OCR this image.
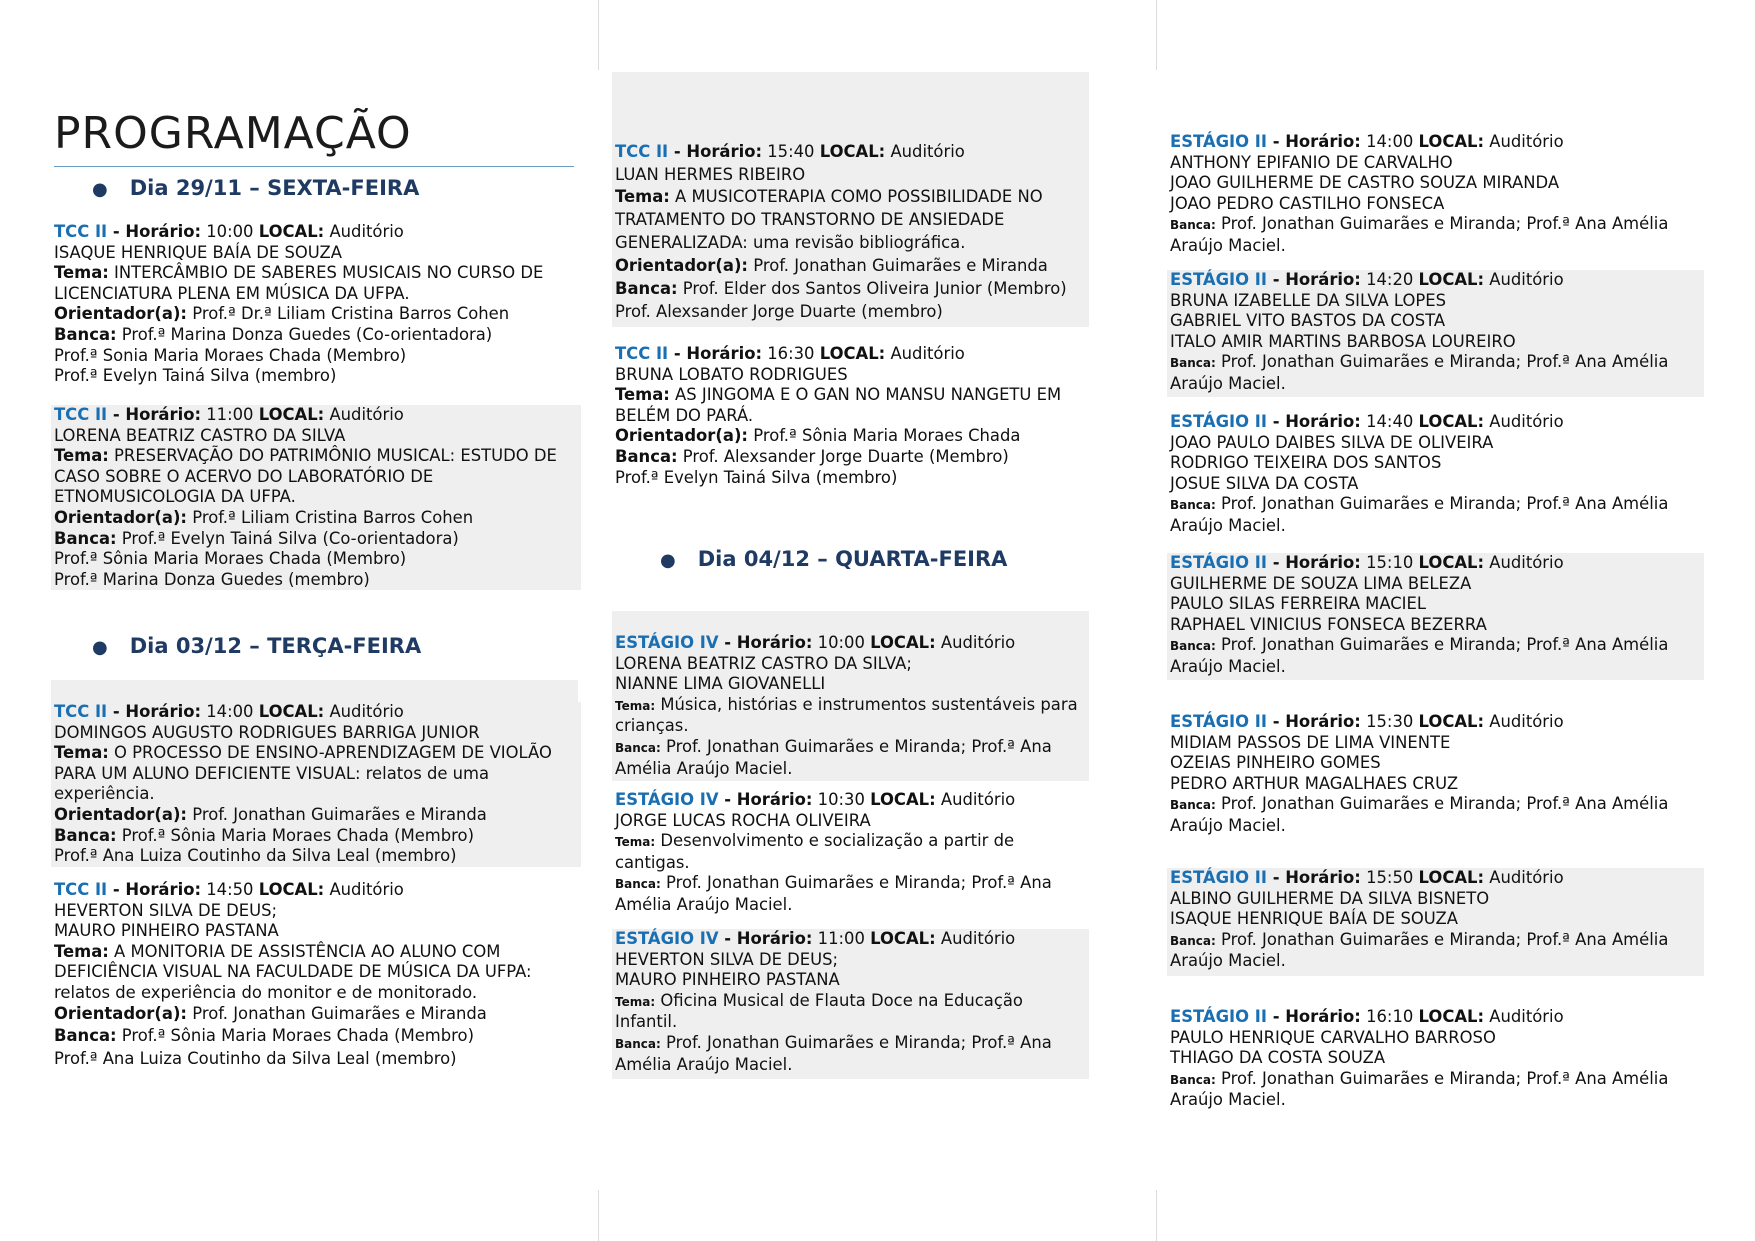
PROGRAMAÇÃO
● Dia 29/11 – SEXTA-FEIRA
TCC II - Horário: 10:00 LOCAL: Auditório
ISAQUE HENRIQUE BAÍA DE SOUZA
Tema: INTERCÂMBIO DE SABERES MUSICAIS NO CURSO DE LICENCIATURA PLENA EM MÚSICA DA UFPA.
Orientador(a): Prof.ª Dr.ª Liliam Cristina Barros Cohen
Banca: Prof.ª Marina Donza Guedes (Co-orientadora)
Prof.ª Sonia Maria Moraes Chada (Membro)
Prof.ª Evelyn Tainá Silva (membro)
TCC II - Horário: 11:00 LOCAL: Auditório
LORENA BEATRIZ CASTRO DA SILVA
Tema: PRESERVAÇÃO DO PATRIMÔNIO MUSICAL: ESTUDO DE CASO SOBRE O ACERVO DO LABORATÓRIO DE ETNOMUSICOLOGIA DA UFPA.
Orientador(a): Prof.ª Liliam Cristina Barros Cohen
Banca: Prof.ª Evelyn Tainá Silva (Co-orientadora)
Prof.ª Sônia Maria Moraes Chada (Membro)
Prof.ª Marina Donza Guedes (membro)
● Dia 03/12 – TERÇA-FEIRA
TCC II - Horário: 14:00 LOCAL: Auditório
DOMINGOS AUGUSTO RODRIGUES BARRIGA JUNIOR
Tema: O PROCESSO DE ENSINO-APRENDIZAGEM DE VIOLÃO PARA UM ALUNO DEFICIENTE VISUAL: relatos de uma experiência.
Orientador(a): Prof. Jonathan Guimarães e Miranda
Banca: Prof.ª Sônia Maria Moraes Chada (Membro)
Prof.ª Ana Luiza Coutinho da Silva Leal (membro)
TCC II - Horário: 14:50 LOCAL: Auditório
HEVERTON SILVA DE DEUS;
MAURO PINHEIRO PASTANA
Tema: A MONITORIA DE ASSISTÊNCIA AO ALUNO COM DEFICIÊNCIA VISUAL NA FACULDADE DE MÚSICA DA UFPA: relatos de experiência do monitor e de monitorado.
Orientador(a): Prof. Jonathan Guimarães e Miranda
Banca: Prof.ª Sônia Maria Moraes Chada (Membro)
Prof.ª Ana Luiza Coutinho da Silva Leal (membro)
TCC II - Horário: 15:40 LOCAL: Auditório
LUAN HERMES RIBEIRO
Tema: A MUSICOTERAPIA COMO POSSIBILIDADE NO TRATAMENTO DO TRANSTORNO DE ANSIEDADE GENERALIZADA: uma revisão bibliográfica.
Orientador(a): Prof. Jonathan Guimarães e Miranda
Banca: Prof. Elder dos Santos Oliveira Junior (Membro)
Prof. Alexsander Jorge Duarte (membro)
TCC II - Horário: 16:30 LOCAL: Auditório
BRUNA LOBATO RODRIGUES
Tema: AS JINGOMA E O GAN NO MANSU NANGETU EM BELÉM DO PARÁ.
Orientador(a): Prof.ª Sônia Maria Moraes Chada
Banca: Prof. Alexsander Jorge Duarte (Membro)
Prof.ª Evelyn Tainá Silva (membro)
● Dia 04/12 – QUARTA-FEIRA
ESTÁGIO IV - Horário: 10:00 LOCAL: Auditório
LORENA BEATRIZ CASTRO DA SILVA;
NIANNE LIMA GIOVANELLI
Tema: Música, histórias e instrumentos sustentáveis para crianças.
Banca: Prof. Jonathan Guimarães e Miranda; Prof.ª Ana Amélia Araújo Maciel.
ESTÁGIO IV - Horário: 10:30 LOCAL: Auditório
JORGE LUCAS ROCHA OLIVEIRA
Tema: Desenvolvimento e socialização a partir de cantigas.
Banca: Prof. Jonathan Guimarães e Miranda; Prof.ª Ana Amélia Araújo Maciel.
ESTÁGIO IV - Horário: 11:00 LOCAL: Auditório
HEVERTON SILVA DE DEUS;
MAURO PINHEIRO PASTANA
Tema: Oficina Musical de Flauta Doce na Educação Infantil.
Banca: Prof. Jonathan Guimarães e Miranda; Prof.ª Ana Amélia Araújo Maciel.
ESTÁGIO II - Horário: 14:00 LOCAL: Auditório
ANTHONY EPIFANIO DE CARVALHO
JOAO GUILHERME DE CASTRO SOUZA MIRANDA
JOAO PEDRO CASTILHO FONSECA
Banca: Prof. Jonathan Guimarães e Miranda; Prof.ª Ana Amélia Araújo Maciel.
ESTÁGIO II - Horário: 14:20 LOCAL: Auditório
BRUNA IZABELLE DA SILVA LOPES
GABRIEL VITO BASTOS DA COSTA
ITALO AMIR MARTINS BARBOSA LOUREIRO
Banca: Prof. Jonathan Guimarães e Miranda; Prof.ª Ana Amélia Araújo Maciel.
ESTÁGIO II - Horário: 14:40 LOCAL: Auditório
JOAO PAULO DAIBES SILVA DE OLIVEIRA
RODRIGO TEIXEIRA DOS SANTOS
JOSUE SILVA DA COSTA
Banca: Prof. Jonathan Guimarães e Miranda; Prof.ª Ana Amélia Araújo Maciel.
ESTÁGIO II - Horário: 15:10 LOCAL: Auditório
GUILHERME DE SOUZA LIMA BELEZA
PAULO SILAS FERREIRA MACIEL
RAPHAEL VINICIUS FONSECA BEZERRA
Banca: Prof. Jonathan Guimarães e Miranda; Prof.ª Ana Amélia Araújo Maciel.
ESTÁGIO II - Horário: 15:30 LOCAL: Auditório
MIDIAM PASSOS DE LIMA VINENTE
OZEIAS PINHEIRO GOMES
PEDRO ARTHUR MAGALHAES CRUZ
Banca: Prof. Jonathan Guimarães e Miranda; Prof.ª Ana Amélia Araújo Maciel.
ESTÁGIO II - Horário: 15:50 LOCAL: Auditório
ALBINO GUILHERME DA SILVA BISNETO
ISAQUE HENRIQUE BAÍA DE SOUZA
Banca: Prof. Jonathan Guimarães e Miranda; Prof.ª Ana Amélia Araújo Maciel.
ESTÁGIO II - Horário: 16:10 LOCAL: Auditório
PAULO HENRIQUE CARVALHO BARROSO
THIAGO DA COSTA SOUZA
Banca: Prof. Jonathan Guimarães e Miranda; Prof.ª Ana Amélia Araújo Maciel.
